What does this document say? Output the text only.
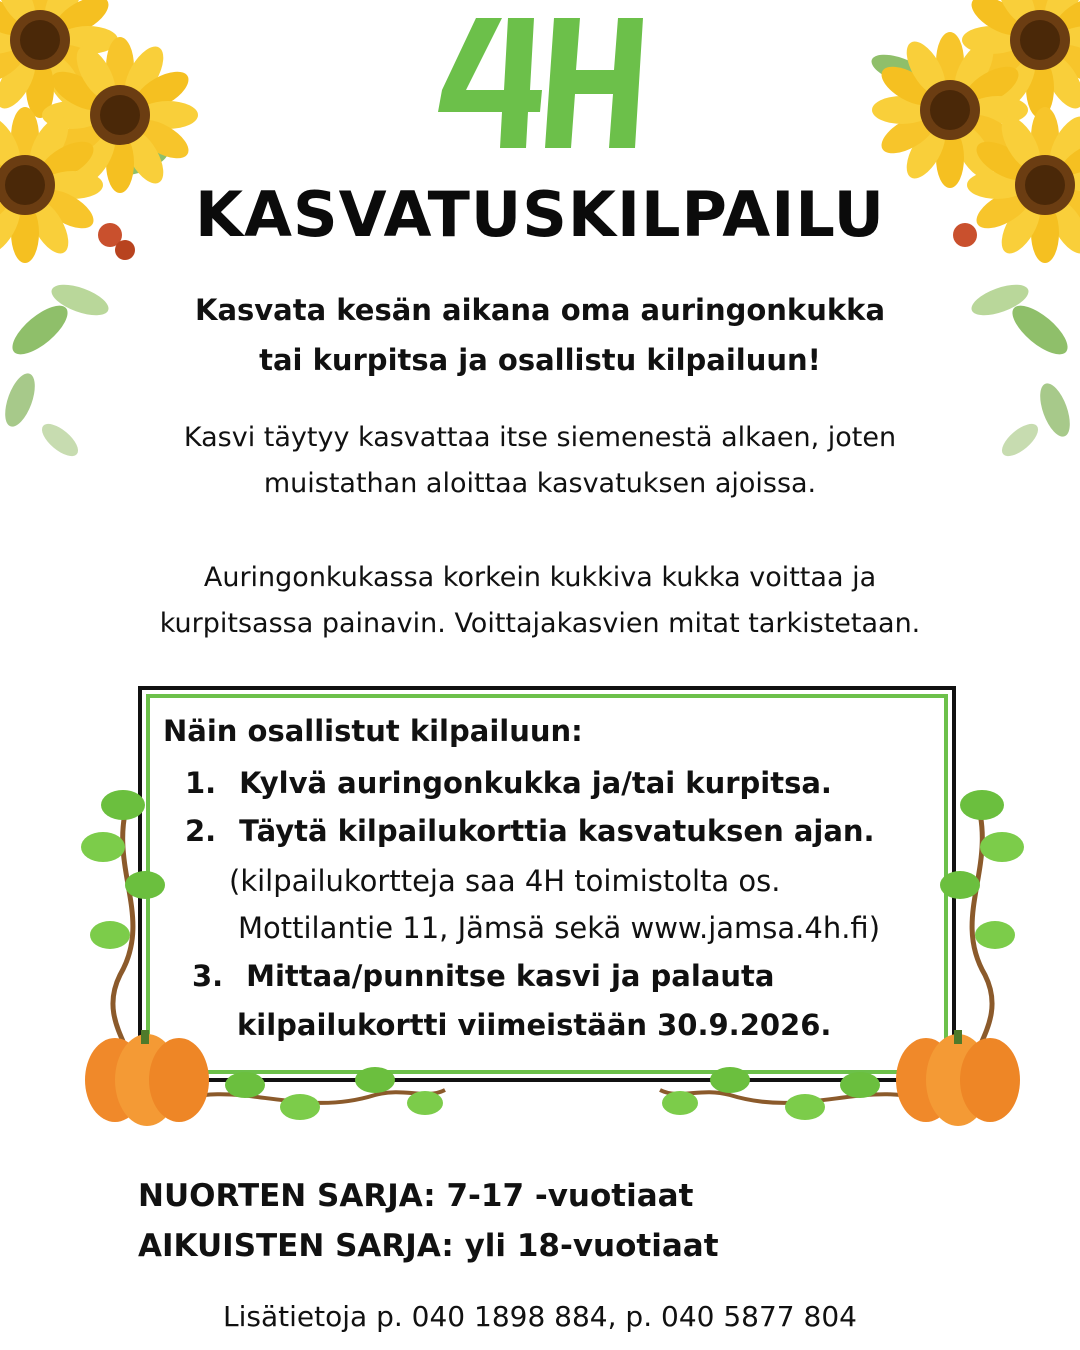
KASVATUSKILPAILU
Kasvata kesän aikana oma auringonkukka
tai kurpitsa ja osallistu kilpailuun!
Kasvi täytyy kasvattaa itse siemenestä alkaen, joten
muistathan aloittaa kasvatuksen ajoissa.
Auringonkukassa korkein kukkiva kukka voittaa ja
kurpitsassa painavin. Voittajakasvien mitat tarkistetaan.
Näin osallistut kilpailuun:
1. Kylvä auringonkukka ja/tai kurpitsa.
2. Täytä kilpailukorttia kasvatuksen ajan.
(kilpailukortteja saa 4H toimistolta os.
Mottilantie 11, Jämsä sekä www.jamsa.4h.fi)
3. Mittaa/punnitse kasvi ja palauta
kilpailukortti viimeistään 30.9.2026.
NUORTEN SARJA: 7-17 -vuotiaat
AIKUISTEN SARJA: yli 18-vuotiaat
Lisätietoja p. 040 1898 884, p. 040 5877 804
